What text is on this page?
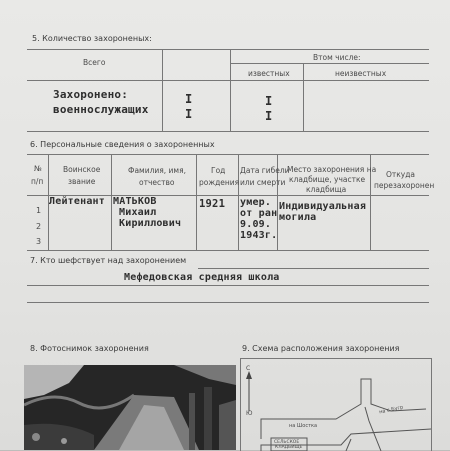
5. Количество захороненых:
Всего
Втом числе:
известных	неизвестных
Захоронено:
военнослужащих
I
I
I
I
6. Персональные сведения о захороненных
№
п/п
Воинское
звание
Фамилия, имя,
отчество
Год
рождения
Дата гибели
или смерти
Место захоронения на
кладбище, участке
кладбища
Откуда
перезахоронен
1
2
3
Лейтенант МАТЬКОВ
Михаил
Кириллович
1921 умер.
от ран
9.09.
1943г.
Индивидуальная
могила
7. Кто шефствует над захоронением
Мефедовская средняя школа
8. Фотоснимок захоронения	9. Схема расположения захоронения
С
Ю
на Шостка
на с.Бугр
СЕЛЬСКОЕ
КЛАДБИЩЕ
